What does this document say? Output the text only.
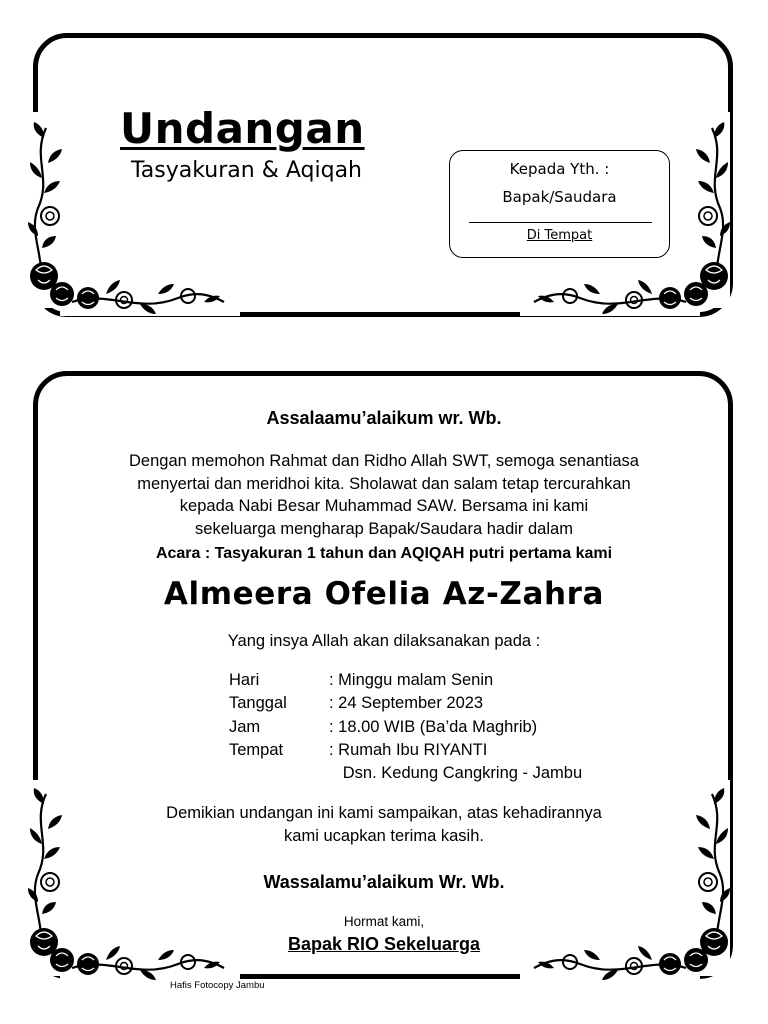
Undangan
Tasyakuran & Aqiqah	Kepada Yth. :
Bapak/Saudara
Di Tempat
Assalaamu’alaikum wr. Wb.
Dengan memohon Rahmat dan Ridho Allah SWT, semoga senantiasa
menyertai dan meridhoi kita. Sholawat dan salam tetap tercurahkan
kepada Nabi Besar Muhammad SAW. Bersama ini kami
sekeluarga mengharap Bapak/Saudara hadir dalam
Acara : Tasyakuran 1 tahun dan AQIQAH putri pertama kami
Almeera Ofelia Az-Zahra
Yang insya Allah akan dilaksanakan pada :
Hari	: Minggu malam Senin
Tanggal	: 24 September 2023
Jam	: 18.00 WIB (Ba’da Maghrib)
Tempat	: Rumah Ibu RIYANTI
Dsn. Kedung Cangkring - Jambu
Demikian undangan ini kami sampaikan, atas kehadirannya
kami ucapkan terima kasih.
Wassalamu’alaikum Wr. Wb.
Hormat kami,
Bapak RIO Sekeluarga
Hafis Fotocopy Jambu
